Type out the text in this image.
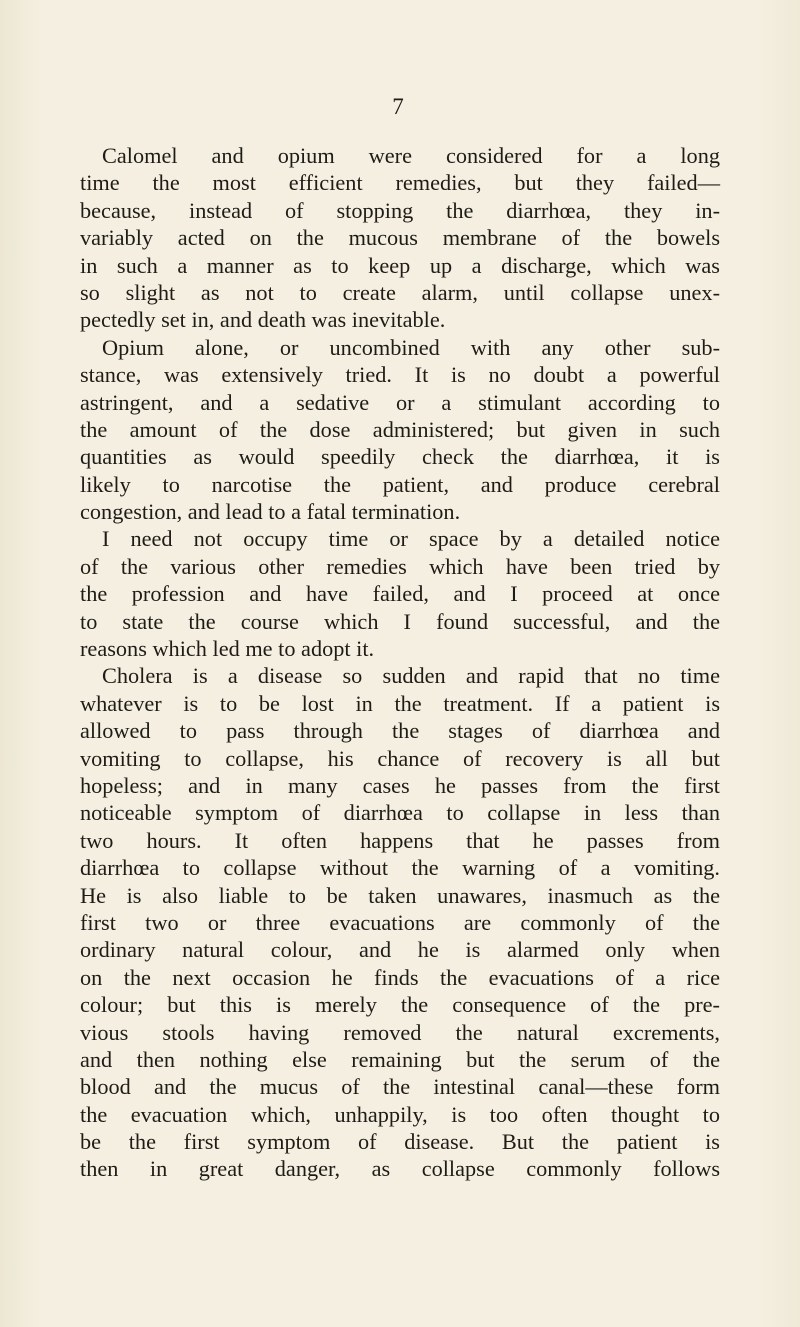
7
Calomel and opium were considered for a long
time the most efficient remedies, but they failed—
because, instead of stopping the diarrhœa, they in-
variably acted on the mucous membrane of the bowels
in such a manner as to keep up a discharge, which was
so slight as not to create alarm, until collapse unex-
pectedly set in, and death was inevitable.
Opium alone, or uncombined with any other sub-
stance, was extensively tried. It is no doubt a powerful
astringent, and a sedative or a stimulant according to
the amount of the dose administered; but given in such
quantities as would speedily check the diarrhœa, it is
likely to narcotise the patient, and produce cerebral
congestion, and lead to a fatal termination.
I need not occupy time or space by a detailed notice
of the various other remedies which have been tried by
the profession and have failed, and I proceed at once
to state the course which I found successful, and the
reasons which led me to adopt it.
Cholera is a disease so sudden and rapid that no time
whatever is to be lost in the treatment. If a patient is
allowed to pass through the stages of diarrhœa and
vomiting to collapse, his chance of recovery is all but
hopeless; and in many cases he passes from the first
noticeable symptom of diarrhœa to collapse in less than
two hours. It often happens that he passes from
diarrhœa to collapse without the warning of a vomiting.
He is also liable to be taken unawares, inasmuch as the
first two or three evacuations are commonly of the
ordinary natural colour, and he is alarmed only when
on the next occasion he finds the evacuations of a rice
colour; but this is merely the consequence of the pre-
vious stools having removed the natural excrements,
and then nothing else remaining but the serum of the
blood and the mucus of the intestinal canal—these form
the evacuation which, unhappily, is too often thought to
be the first symptom of disease. But the patient is
then in great danger, as collapse commonly follows
